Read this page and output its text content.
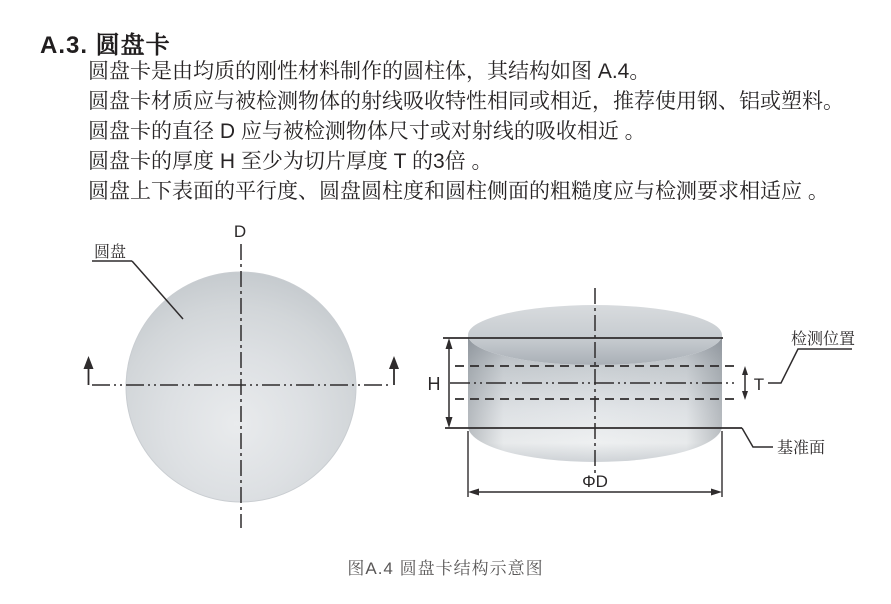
A.3. 圆盘卡

圆盘卡是由均质的刚性材料制作的圆柱体，其结构如图 A.4。

圆盘卡材质应与被检测物体的射线吸收特性相同或相近，推荐使用钢、铝或塑料。

圆盘卡的直径 D 应与被检测物体尺寸或对射线的吸收相近 。

圆盘卡的厚度 H 至少为切片厚度 T 的3倍 。

圆盘上下表面的平行度、圆盘圆柱度和圆柱侧面的粗糙度应与检测要求相适应 。

D
圆盘
H	T
检测位置
基准面
ΦD
图A.4 圆盘卡结构示意图
